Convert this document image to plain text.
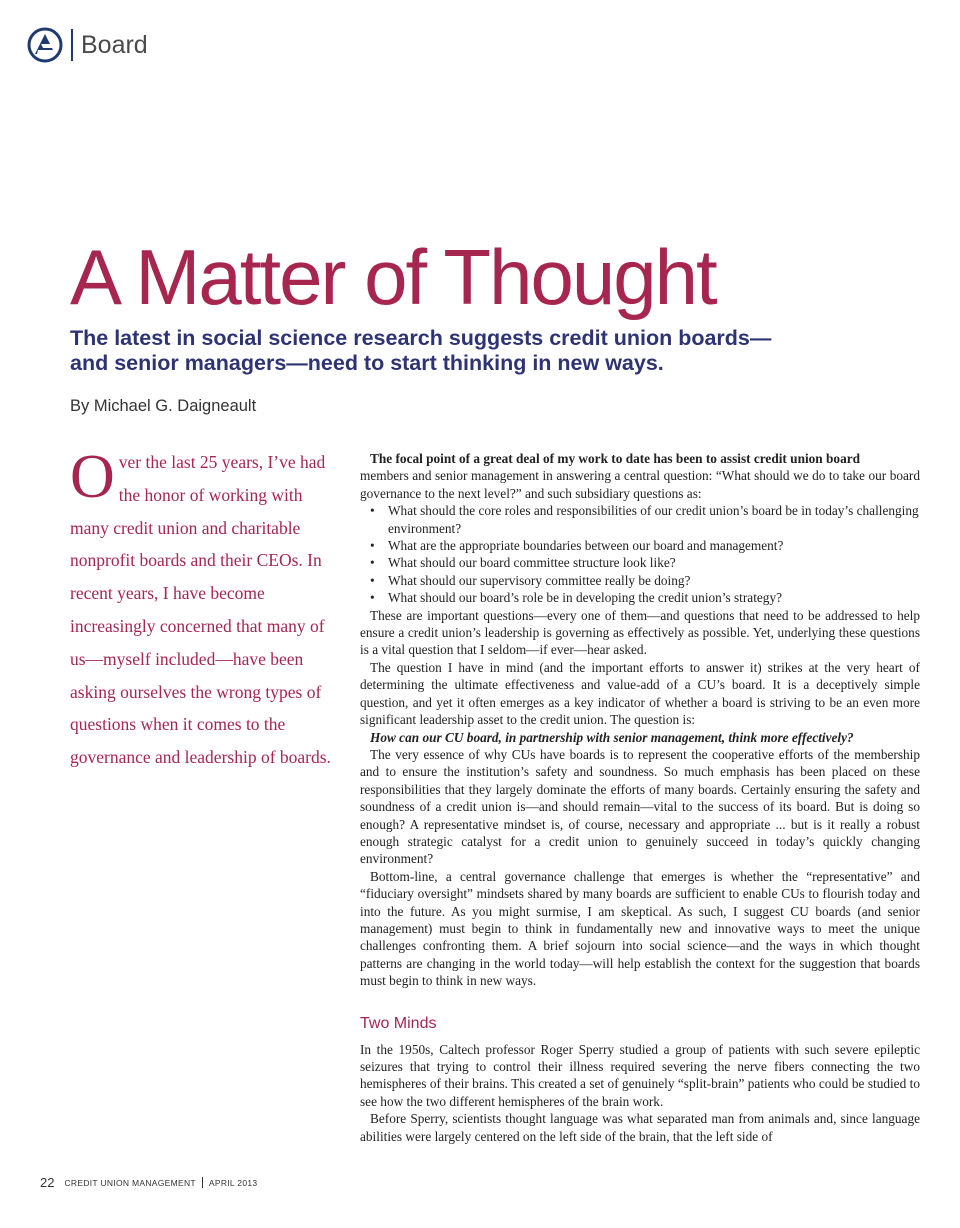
Board
A Matter of Thought
The latest in social science research suggests credit union boards— and senior managers—need to start thinking in new ways.

By Michael G. Daigneault

Over the last 25 years, I’ve had the honor of working with many credit union and charitable nonprofit boards and their CEOs. In recent years, I have become increasingly concerned that many of us—myself included—have been asking ourselves the wrong types of questions when it comes to the governance and leadership of boards.

The focal point of a great deal of my work to date has been to assist credit union board

members and senior management in answering a central question: “What should we do to take our board governance to the next level?” and such subsidiary questions as:

• What should the core roles and responsibilities of our credit union’s board be in today’s challenging environment?
• What are the appropriate boundaries between our board and management?
• What should our board committee structure look like?
• What should our supervisory committee really be doing?
• What should our board’s role be in developing the credit union’s strategy?

These are important questions—every one of them—and questions that need to be addressed to help ensure a credit union’s leadership is governing as effectively as possible. Yet, underlying these questions is a vital question that I seldom—if ever—hear asked.

The question I have in mind (and the important efforts to answer it) strikes at the very heart of determining the ultimate effectiveness and value-add of a CU’s board. It is a deceptively simple question, and yet it often emerges as a key indicator of whether a board is striving to be an even more significant leadership asset to the credit union. The question is:

How can our CU board, in partnership with senior management, think more effectively?

The very essence of why CUs have boards is to represent the cooperative efforts of the membership and to ensure the institution’s safety and soundness. So much emphasis has been placed on these responsibilities that they largely dominate the efforts of many boards. Certainly ensuring the safety and soundness of a credit union is—and should remain—vital to the success of its board. But is doing so enough? A representative mindset is, of course, necessary and appropriate ... but is it really a robust enough strategic catalyst for a credit union to genuinely succeed in today’s quickly changing environment?

Bottom-line, a central governance challenge that emerges is whether the “representative” and “fiduciary oversight” mindsets shared by many boards are sufficient to enable CUs to flourish today and into the future. As you might surmise, I am skeptical. As such, I suggest CU boards (and senior management) must begin to think in fundamentally new and innovative ways to meet the unique challenges confronting them. A brief sojourn into social science—and the ways in which thought patterns are changing in the world today—will help establish the context for the suggestion that boards must begin to think in new ways.

Two Minds

In the 1950s, Caltech professor Roger Sperry studied a group of patients with such severe epileptic seizures that trying to control their illness required severing the nerve fibers connecting the two hemispheres of their brains. This created a set of genuinely “split-brain” patients who could be studied to see how the two different hemispheres of the brain work.

Before Sperry, scientists thought language was what separated man from animals and, since language abilities were largely centered on the left side of the brain, that the left side of

22 CREDIT UNION MANAGEMENT APRIL 2013
